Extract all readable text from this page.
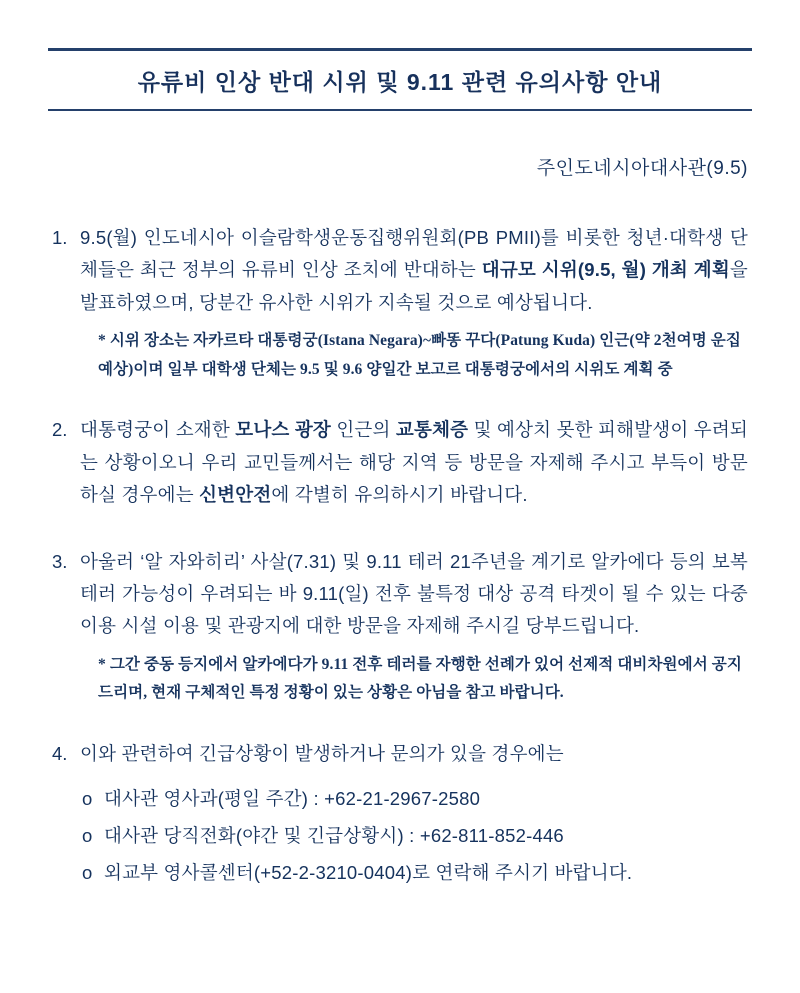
유류비 인상 반대 시위 및 9.11 관련 유의사항 안내
주인도네시아대사관(9.5)
1. 9.5(월) 인도네시아 이슬람학생운동집행위원회(PB PMII)를 비롯한 청년·대학생 단체들은 최근 정부의 유류비 인상 조치에 반대하는 대규모 시위(9.5, 월) 개최 계획을 발표하였으며, 당분간 유사한 시위가 지속될 것으로 예상됩니다.
* 시위 장소는 자카르타 대통령궁(Istana Negara)~빠똥 꾸다(Patung Kuda) 인근(약 2천여명 운집 예상)이며 일부 대학생 단체는 9.5 및 9.6 양일간 보고르 대통령궁에서의 시위도 계획 중
2. 대통령궁이 소재한 모나스 광장 인근의 교통체증 및 예상치 못한 피해발생이 우려되는 상황이오니 우리 교민들께서는 해당 지역 등 방문을 자제해 주시고 부득이 방문하실 경우에는 신변안전에 각별히 유의하시기 바랍니다.
3. 아울러 ‘알 자와히리’ 사살(7.31) 및 9.11 테러 21주년을 계기로 알카에다 등의 보복 테러 가능성이 우려되는 바 9.11(일) 전후 불특정 대상 공격 타겟이 될 수 있는 다중이용 시설 이용 및 관광지에 대한 방문을 자제해 주시길 당부드립니다.
* 그간 중동 등지에서 알카에다가 9.11 전후 테러를 자행한 선례가 있어 선제적 대비차원에서 공지 드리며, 현재 구체적인 특정 정황이 있는 상황은 아님을 참고 바랍니다.
4. 이와 관련하여 긴급상황이 발생하거나 문의가 있을 경우에는
o 대사관 영사과(평일 주간) : +62-21-2967-2580
o 대사관 당직전화(야간 및 긴급상황시) : +62-811-852-446
o 외교부 영사콜센터(+52-2-3210-0404)로 연락해 주시기 바랍니다.
